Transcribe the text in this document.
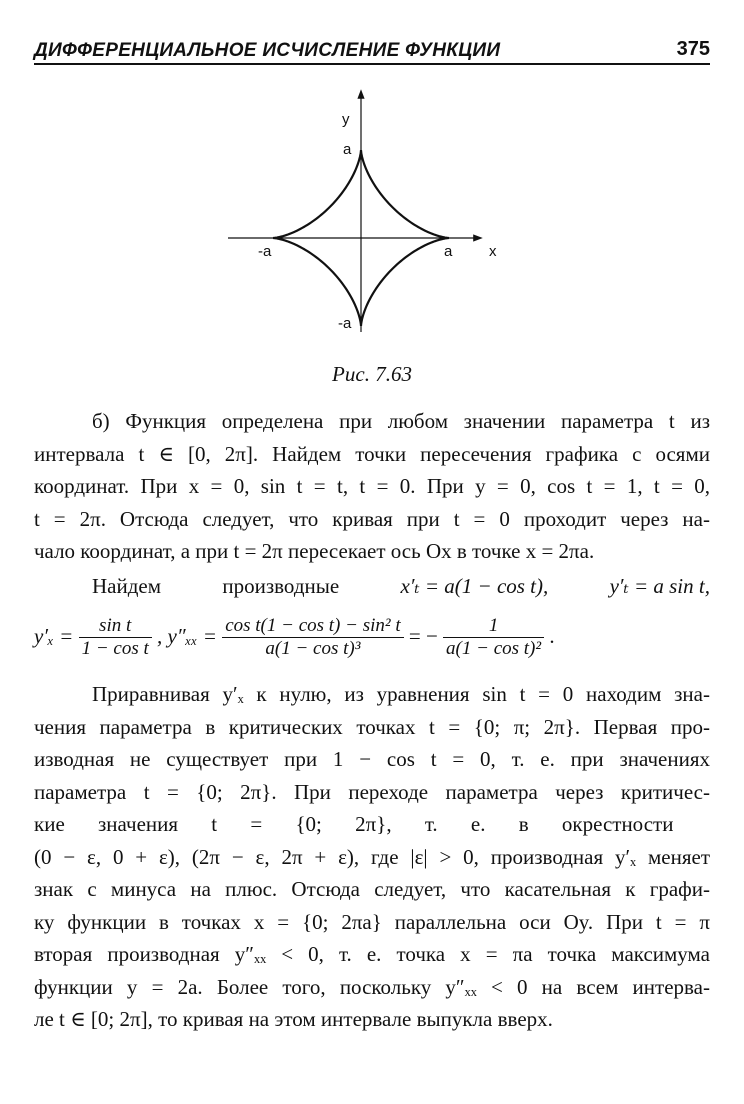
ДИФФЕРЕНЦИАЛЬНОЕ ИСЧИСЛЕНИЕ ФУНКЦИИ	375
y
a
-a	a x
-a
Рис. 7.63
б) Функция определена при любом значении параметра t из
интервала t ∈ [0, 2π]. Найдем точки пересечения графика с осями
координат. При x = 0, sin t = t, t = 0. При y = 0, cos t = 1, t = 0,
t = 2π. Отсюда следует, что кривая при t = 0 проходит через на-
чало координат, а при t = 2π пересекает ось Ox в точке x = 2πa.
Найдем	производные	x′ₜ = a(1 − cos t),	y′ₜ = a sin t,
$y'_x = \frac{\text{sin t}}{\text{1 − cos t}}$ , $y''_{xx} = \frac{\text{cos t(1 − cos t) − sin² t}}{\text{a(1 − cos t)³}}$ = − $\frac{1}{\text{a(1 − cos t)²}}$ .
Приравнивая y′ₓ к нулю, из уравнения sin t = 0 находим зна-
чения параметра в критических точках t = {0; π; 2π}. Первая про-
изводная не существует при 1 − cos t = 0, т. е. при значениях
параметра t = {0; 2π}. При переходе параметра через критичес-
кие значения t = {0; 2π}, т. е. в окрестности
(0 − ε, 0 + ε), (2π − ε, 2π + ε), где |ε| > 0, производная y′ₓ меняет
знак с минуса на плюс. Отсюда следует, что касательная к графи-
ку функции в точках x = {0; 2πa} параллельна оси Oy. При t = π
вторая производная y″ₓₓ < 0, т. е. точка x = πa точка максимума
функции y = 2a. Более того, поскольку y″ₓₓ < 0 на всем интерва-
ле t ∈ [0; 2π], то кривая на этом интервале выпукла вверх.
